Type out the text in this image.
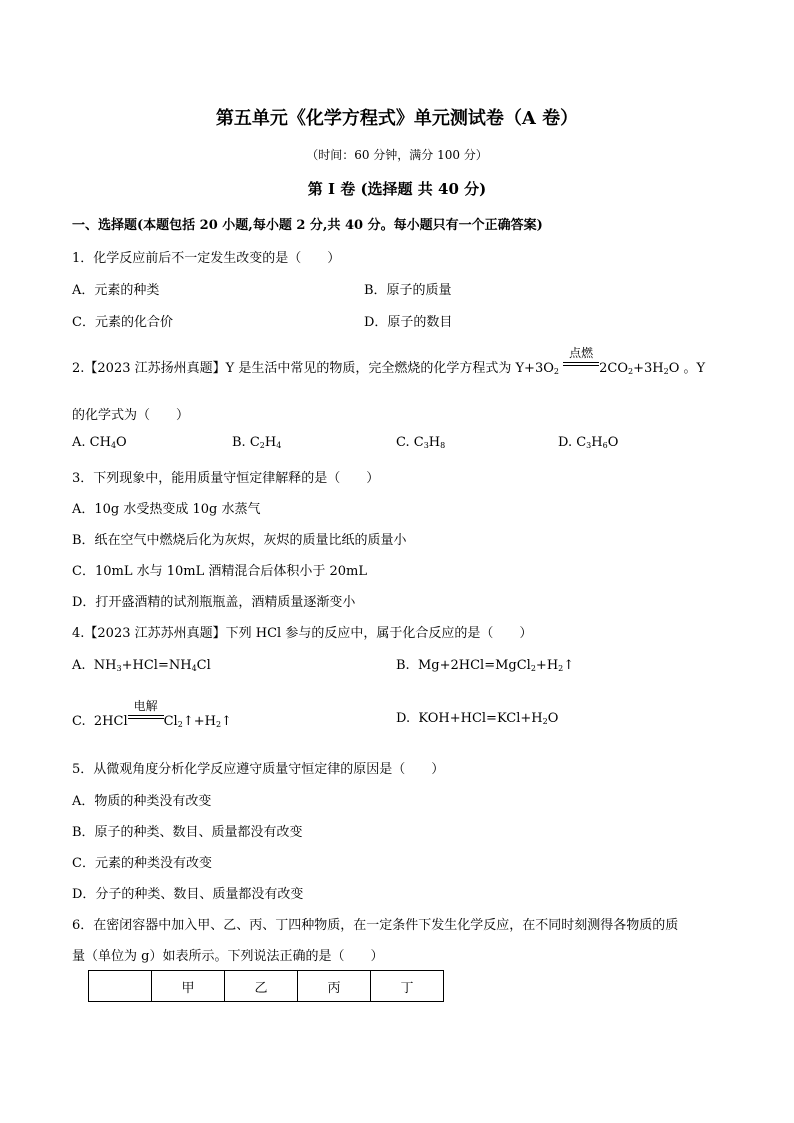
第五单元《化学方程式》单元测试卷（A 卷）
（时间：60 分钟，满分 100 分）
第 I 卷 (选择题 共 40 分)
一、选择题(本题包括 20 小题,每小题 2 分,共 40 分。每小题只有一个正确答案)
1．化学反应前后不一定发生改变的是（　　）
A．元素的种类	B．原子的质量
C．元素的化合价	D．原子的数目
2.【2023 江苏扬州真题】Y 是生活中常见的物质，完全燃烧的化学方程式为 $Y+3O_2$
点燃
$2CO_2+3H_2O$ 。Y
的化学式为（　　）
A. $CH_4O$	B. $C_2H_4$	C. $C_3H_8$	D. $C_3H_6O$
3．下列现象中，能用质量守恒定律解释的是（　　）
A．10g 水受热变成 10g 水蒸气
B．纸在空气中燃烧后化为灰烬，灰烬的质量比纸的质量小
C．10mL 水与 10mL 酒精混合后体积小于 20mL
D．打开盛酒精的试剂瓶瓶盖，酒精质量逐渐变小
4.【2023 江苏苏州真题】下列 HCl 参与的反应中，属于化合反应的是（　　）
A. $NH_3+HCl=NH_4Cl$	B. $Mg+2HCl=MgCl_2+H_2↑$
C. 2HCl
电解
$Cl_2↑+H_2↑$	D. $KOH+HCl=KCl+H_2O$
5．从微观角度分析化学反应遵守质量守恒定律的原因是（　　）
A．物质的种类没有改变
B．原子的种类、数目、质量都没有改变
C．元素的种类没有改变
D．分子的种类、数目、质量都没有改变
6．在密闭容器中加入甲、乙、丙、丁四种物质，在一定条件下发生化学反应，在不同时刻测得各物质的质
量（单位为 g）如表所示。下列说法正确的是（　　）
	甲	乙	丙	丁
